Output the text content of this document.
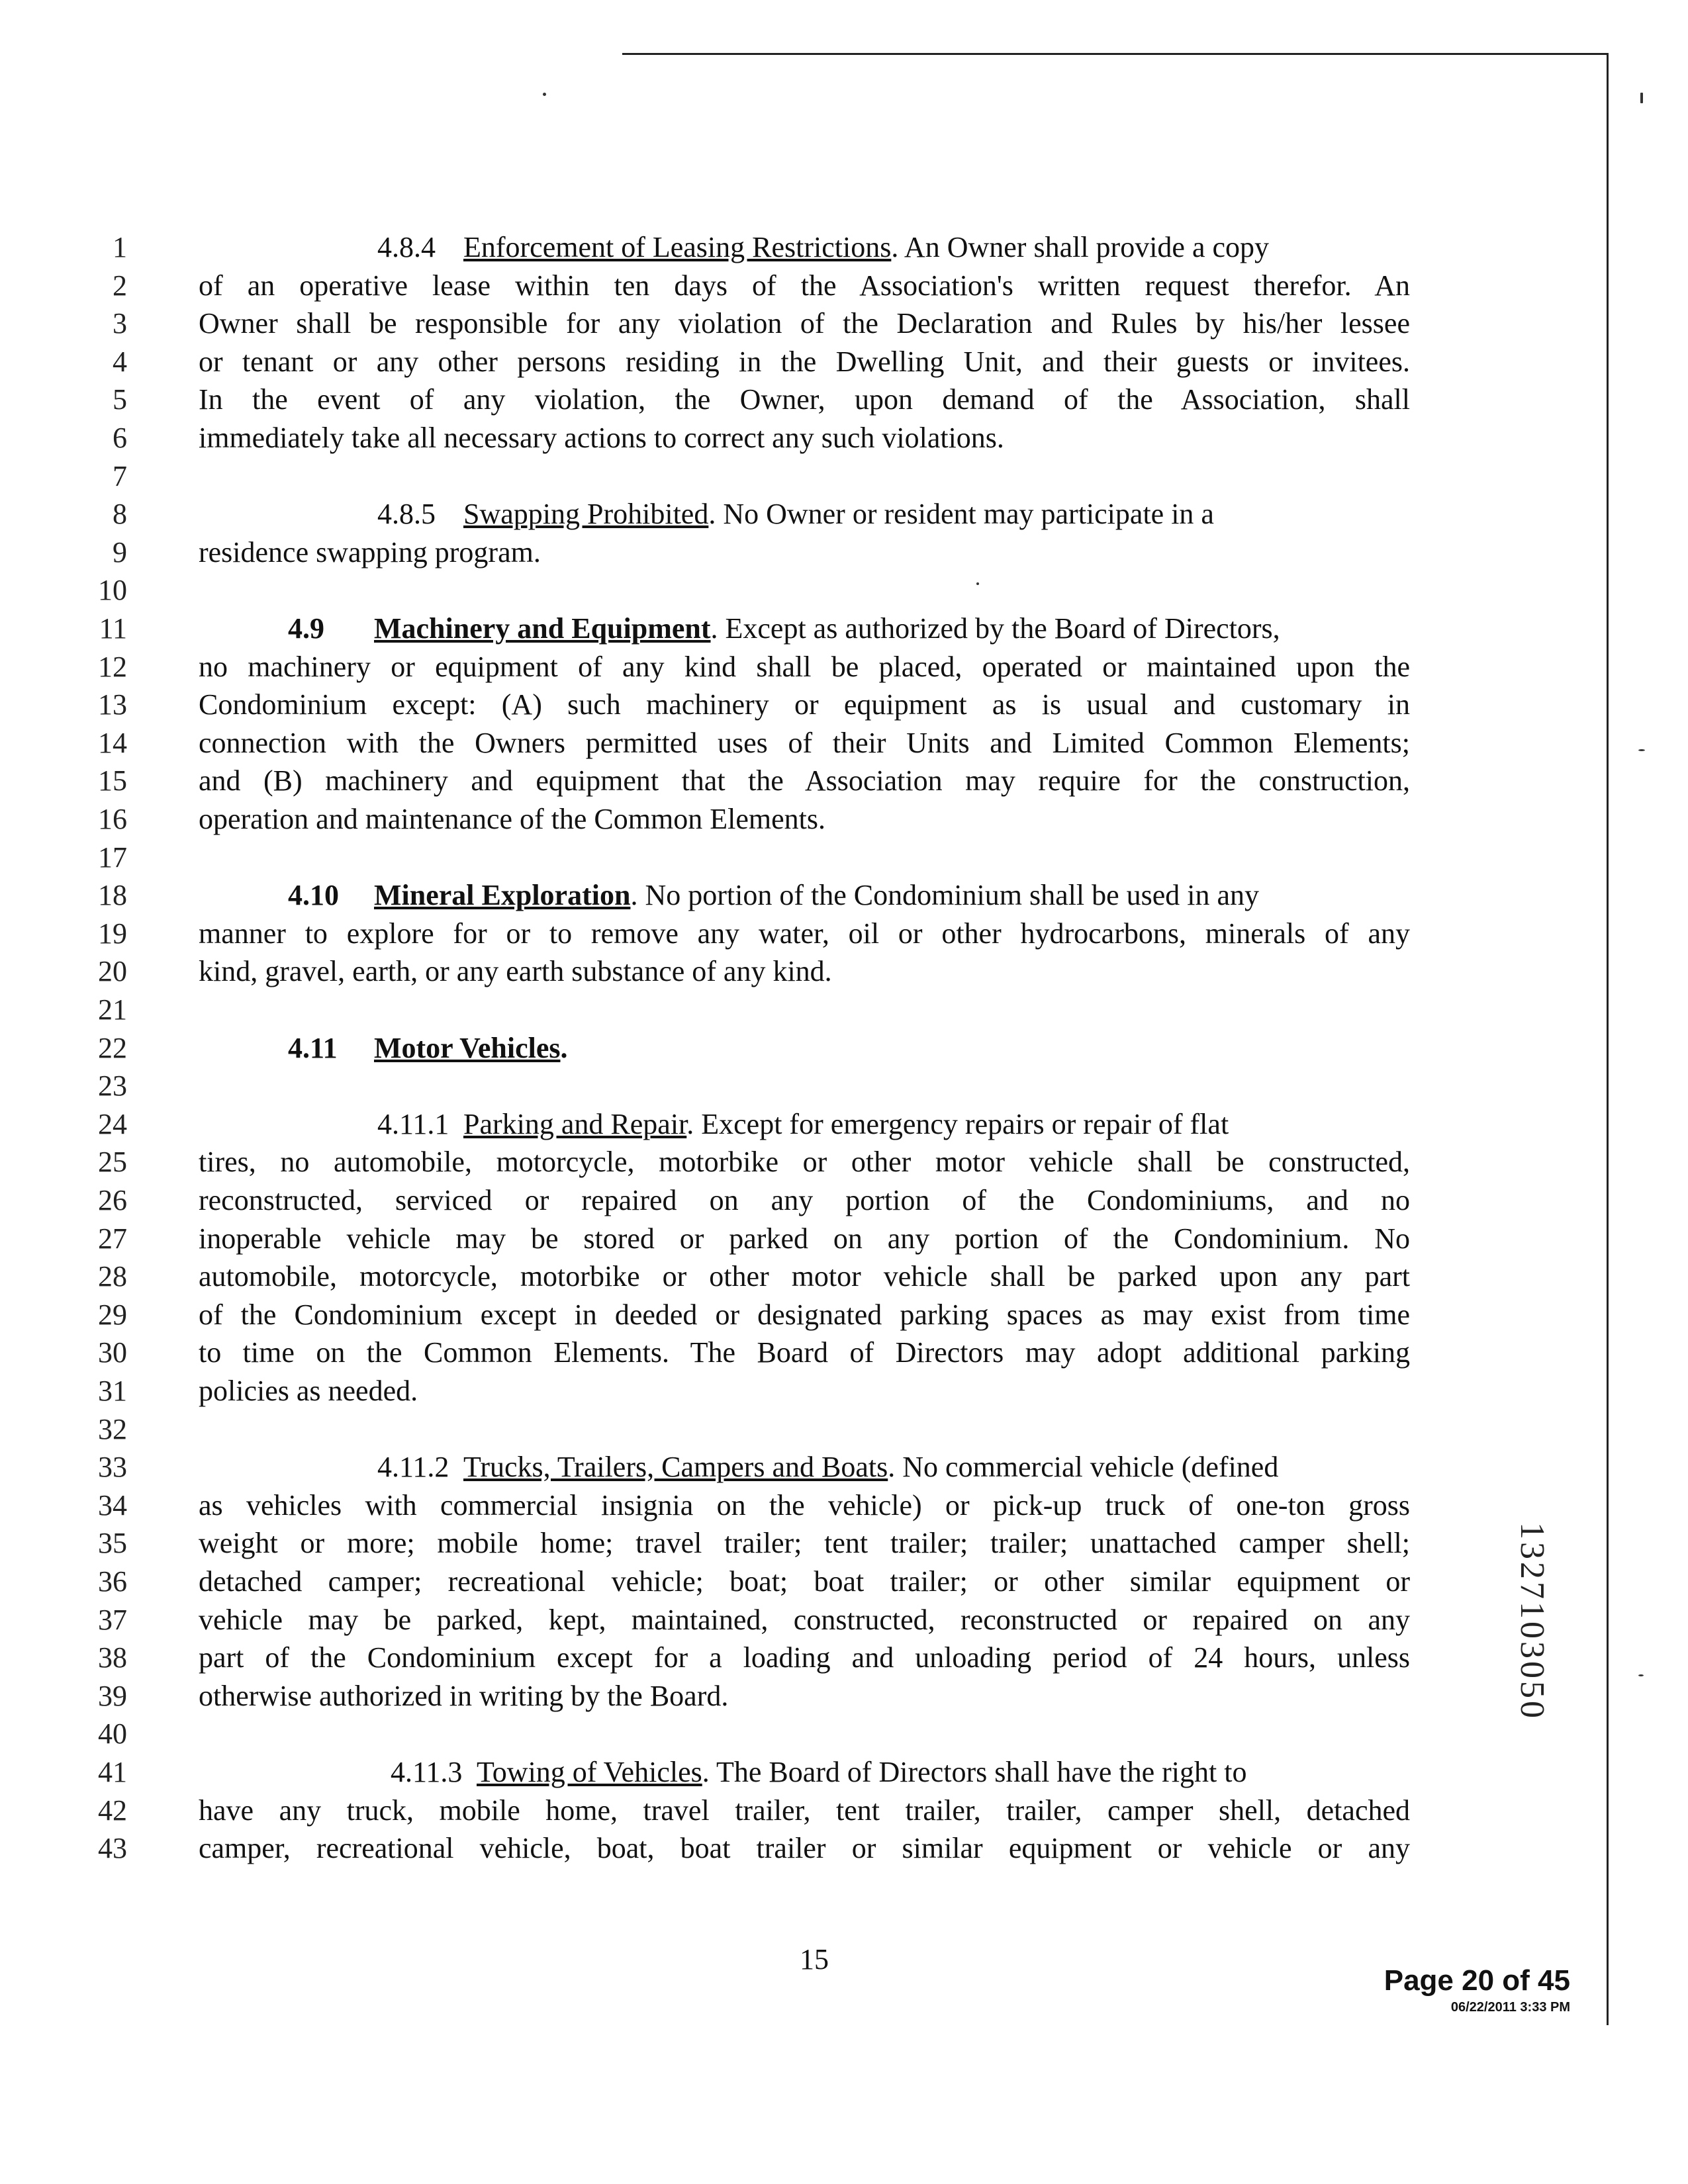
1
2
3
4
5
6
7
8
9
10
11
12
13
14
15
16
17
18
19
20
21
22
23
24
25
26
27
28
29
30
31
32
33
34
35
36
37
38
39
40
41
42
43
4.8.4 Enforcement of Leasing Restrictions. An Owner shall provide a copy
of an operative lease within ten days of the Association's written request therefor. An
Owner shall be responsible for any violation of the Declaration and Rules by his/her lessee
or tenant or any other persons residing in the Dwelling Unit, and their guests or invitees.
In the event of any violation, the Owner, upon demand of the Association, shall
immediately take all necessary actions to correct any such violations.
4.8.5 Swapping Prohibited. No Owner or resident may participate in a
residence swapping program.
4.9 Machinery and Equipment. Except as authorized by the Board of Directors,
no machinery or equipment of any kind shall be placed, operated or maintained upon the
Condominium except: (A) such machinery or equipment as is usual and customary in
connection with the Owners permitted uses of their Units and Limited Common Elements;
and (B) machinery and equipment that the Association may require for the construction,
operation and maintenance of the Common Elements.
4.10 Mineral Exploration. No portion of the Condominium shall be used in any
manner to explore for or to remove any water, oil or other hydrocarbons, minerals of any
kind, gravel, earth, or any earth substance of any kind.
4.11 Motor Vehicles.
4.11.1 Parking and Repair. Except for emergency repairs or repair of flat
tires, no automobile, motorcycle, motorbike or other motor vehicle shall be constructed,
reconstructed, serviced or repaired on any portion of the Condominiums, and no
inoperable vehicle may be stored or parked on any portion of the Condominium. No
automobile, motorcycle, motorbike or other motor vehicle shall be parked upon any part
of the Condominium except in deeded or designated parking spaces as may exist from time
to time on the Common Elements. The Board of Directors may adopt additional parking
policies as needed.
4.11.2 Trucks, Trailers, Campers and Boats. No commercial vehicle (defined
as vehicles with commercial insignia on the vehicle) or pick-up truck of one-ton gross
weight or more; mobile home; travel trailer; tent trailer; trailer; unattached camper shell;
detached camper; recreational vehicle; boat; boat trailer; or other similar equipment or
vehicle may be parked, kept, maintained, constructed, reconstructed or repaired on any
part of the Condominium except for a loading and unloading period of 24 hours, unless
otherwise authorized in writing by the Board.
4.11.3 Towing of Vehicles. The Board of Directors shall have the right to
have any truck, mobile home, travel trailer, tent trailer, trailer, camper shell, detached
camper, recreational vehicle, boat, boat trailer or similar equipment or vehicle or any
15
Page 20 of 45
06/22/2011 3:33 PM
1327103050
